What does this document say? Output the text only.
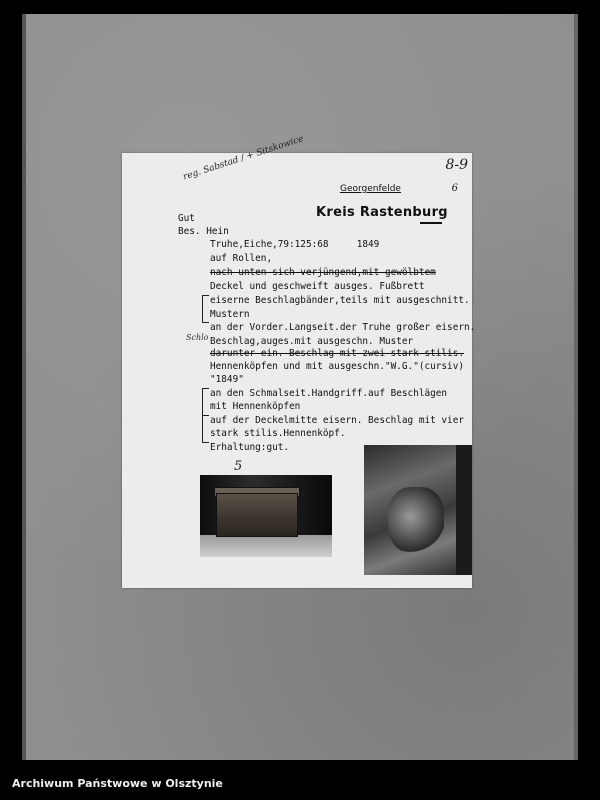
reg. Sabstad / + Sitskowice	8-9
6
Georgenfelde
Kreis Rastenburg
Gut
Bes. Hein
Truhe,Eiche,79:125:68     1849
auf Rollen,
nach unten sich verjüngend,mit gewölbtem
Deckel und geschweift ausges. Fußbrett
eiserne Beschlagbänder,teils mit ausgeschnitt.
Mustern
an der Vorder.Langseit.der Truhe großer eisern.
Beschlag,auges.mit ausgeschn. Muster
darunter ein. Beschlag mit zwei stark stilis.
Hennenköpfen und mit ausgeschn."W.G."(cursiv)
"1849"
an den Schmalseit.Handgriff.auf Beschlägen
mit Hennenköpfen
auf der Deckelmitte eisern. Beschlag mit vier
stark stilis.Hennenköpf.
Erhaltung:gut.
Schlo
5
Archiwum Państwowe w Olsztynie
